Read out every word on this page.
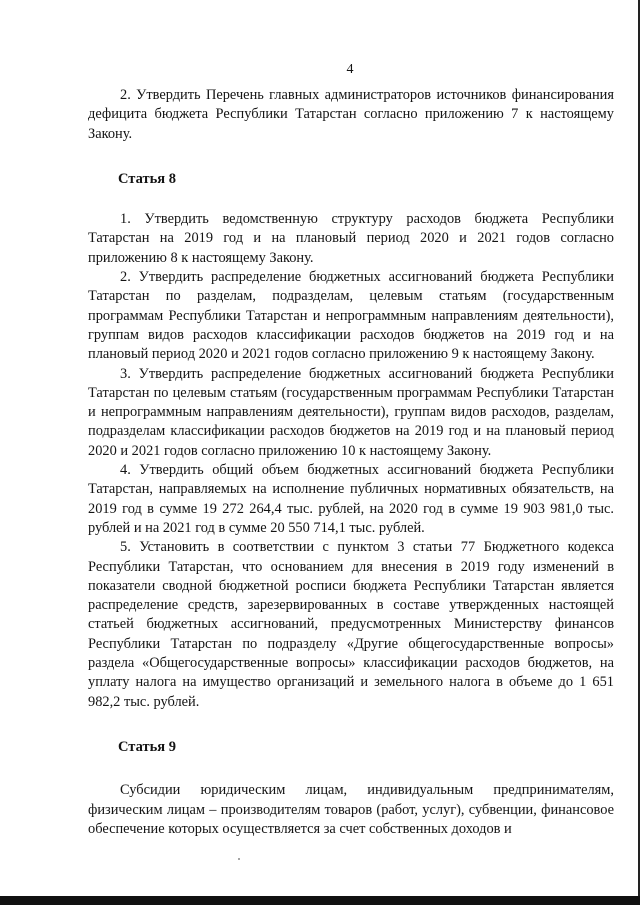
4

2. Утвердить Перечень главных администраторов источников финансирования дефицита бюджета Республики Татарстан согласно приложению 7 к настоящему Закону.

Статья 8

1. Утвердить ведомственную структуру расходов бюджета Республики Татарстан на 2019 год и на плановый период 2020 и 2021 годов согласно приложению 8 к настоящему Закону.

2. Утвердить распределение бюджетных ассигнований бюджета Республики Татарстан по разделам, подразделам, целевым статьям (государственным программам Республики Татарстан и непрограммным направлениям деятельности), группам видов расходов классификации расходов бюджетов на 2019 год и на плановый период 2020 и 2021 годов согласно приложению 9 к настоящему Закону.

3. Утвердить распределение бюджетных ассигнований бюджета Республики Татарстан по целевым статьям (государственным программам Республики Татарстан и непрограммным направлениям деятельности), группам видов расходов, разделам, подразделам классификации расходов бюджетов на 2019 год и на плановый период 2020 и 2021 годов согласно приложению 10 к настоящему Закону.

4. Утвердить общий объем бюджетных ассигнований бюджета Республики Татарстан, направляемых на исполнение публичных нормативных обязательств, на 2019 год в сумме 19 272 264,4 тыс. рублей, на 2020 год в сумме 19 903 981,0 тыс. рублей и на 2021 год в сумме 20 550 714,1 тыс. рублей.

5. Установить в соответствии с пунктом 3 статьи 77 Бюджетного кодекса Республики Татарстан, что основанием для внесения в 2019 году изменений в показатели сводной бюджетной росписи бюджета Республики Татарстан является распределение средств, зарезервированных в составе утвержденных настоящей статьей бюджетных ассигнований, предусмотренных Министерству финансов Республики Татарстан по подразделу «Другие общегосударственные вопросы» раздела «Общегосударственные вопросы» классификации расходов бюджетов, на уплату налога на имущество организаций и земельного налога в объеме до 1 651 982,2 тыс. рублей.

Статья 9

Субсидии юридическим лицам, индивидуальным предпринимателям, физическим лицам – производителям товаров (работ, услуг), субвенции, финансовое обеспечение которых осуществляется за счет собственных доходов и
